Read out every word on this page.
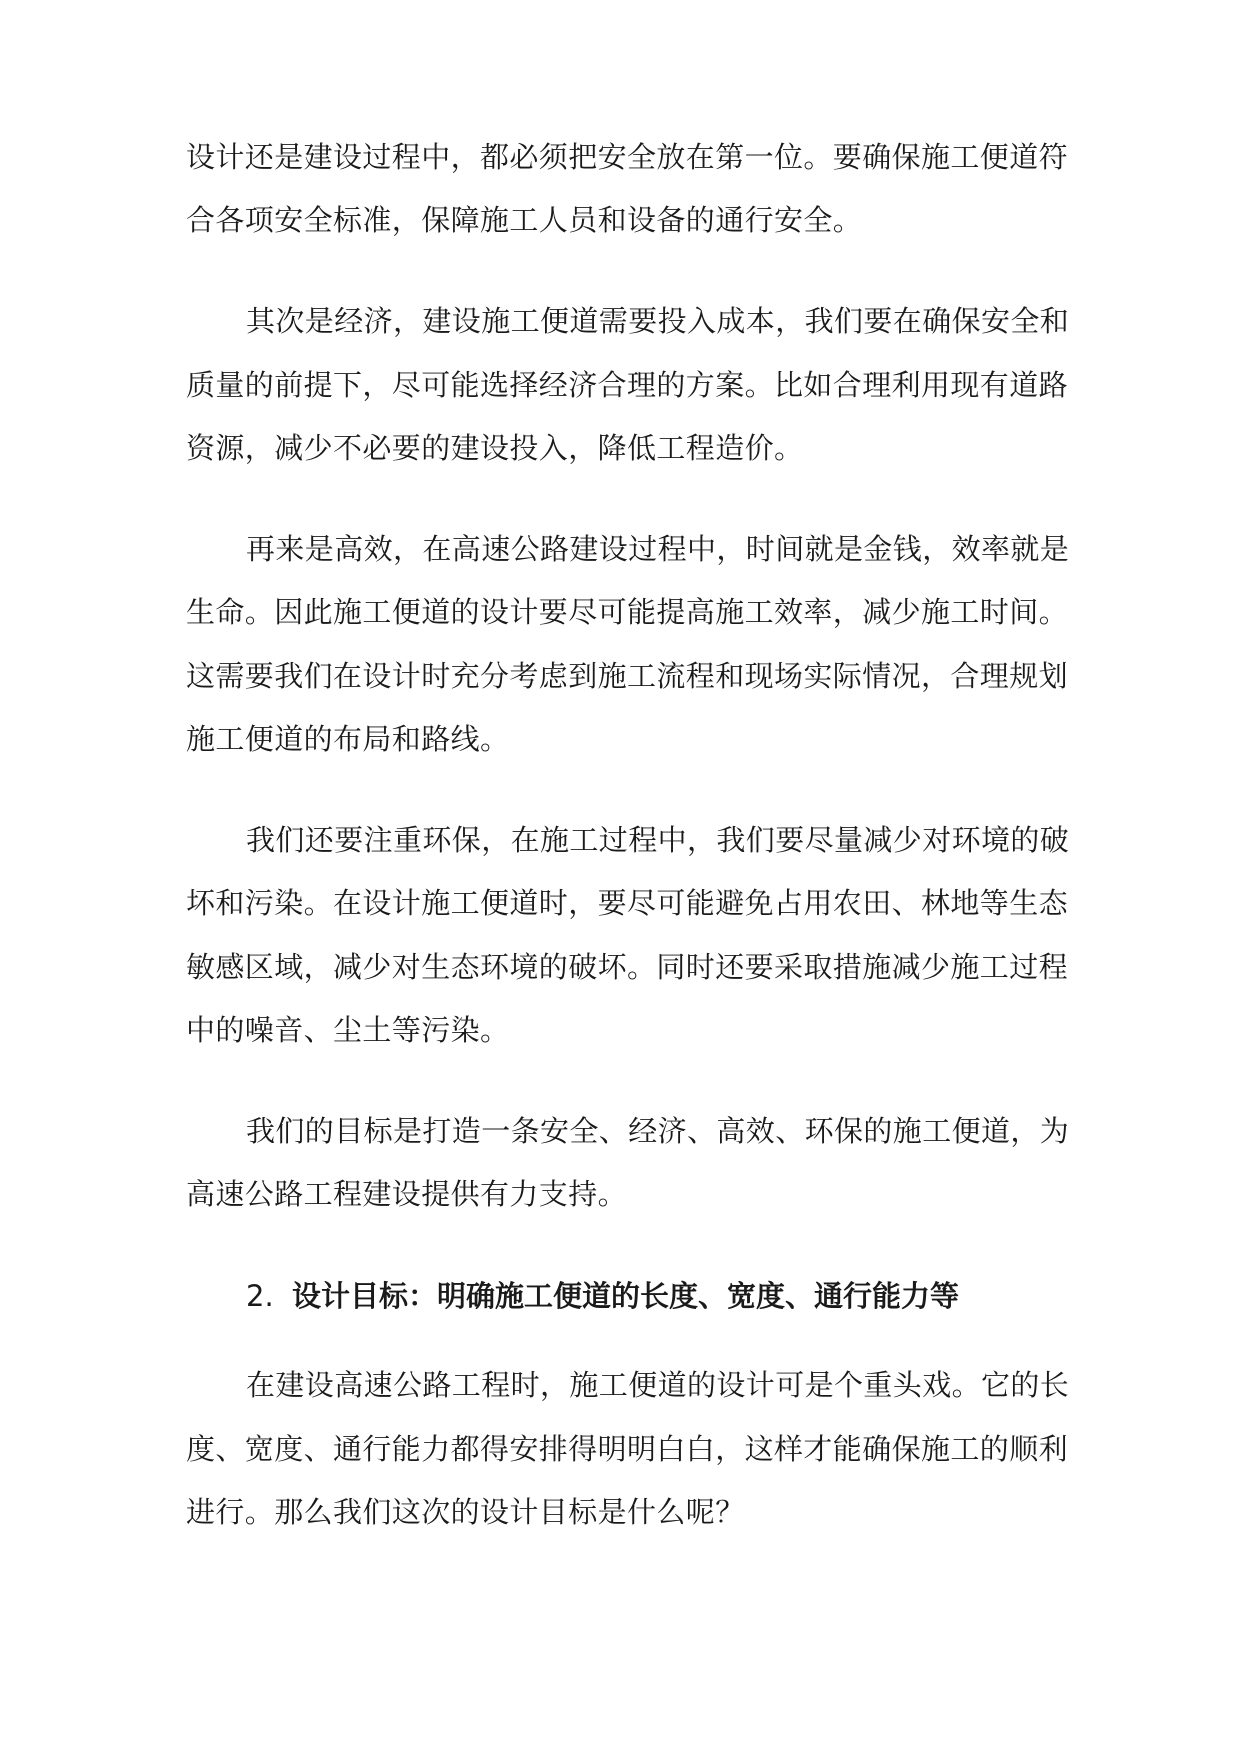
设计还是建设过程中，都必须把安全放在第一位。要确保施工便道符
合各项安全标准，保障施工人员和设备的通行安全。
其次是经济，建设施工便道需要投入成本，我们要在确保安全和
质量的前提下，尽可能选择经济合理的方案。比如合理利用现有道路
资源，减少不必要的建设投入，降低工程造价。
再来是高效，在高速公路建设过程中，时间就是金钱，效率就是
生命。因此施工便道的设计要尽可能提高施工效率，减少施工时间。
这需要我们在设计时充分考虑到施工流程和现场实际情况，合理规划
施工便道的布局和路线。
我们还要注重环保，在施工过程中，我们要尽量减少对环境的破
坏和污染。在设计施工便道时，要尽可能避免占用农田、林地等生态
敏感区域，减少对生态环境的破坏。同时还要采取措施减少施工过程
中的噪音、尘土等污染。
我们的目标是打造一条安全、经济、高效、环保的施工便道，为
高速公路工程建设提供有力支持。
2. 设计目标：明确施工便道的长度、宽度、通行能力等
在建设高速公路工程时，施工便道的设计可是个重头戏。它的长
度、宽度、通行能力都得安排得明明白白，这样才能确保施工的顺利
进行。那么我们这次的设计目标是什么呢？
